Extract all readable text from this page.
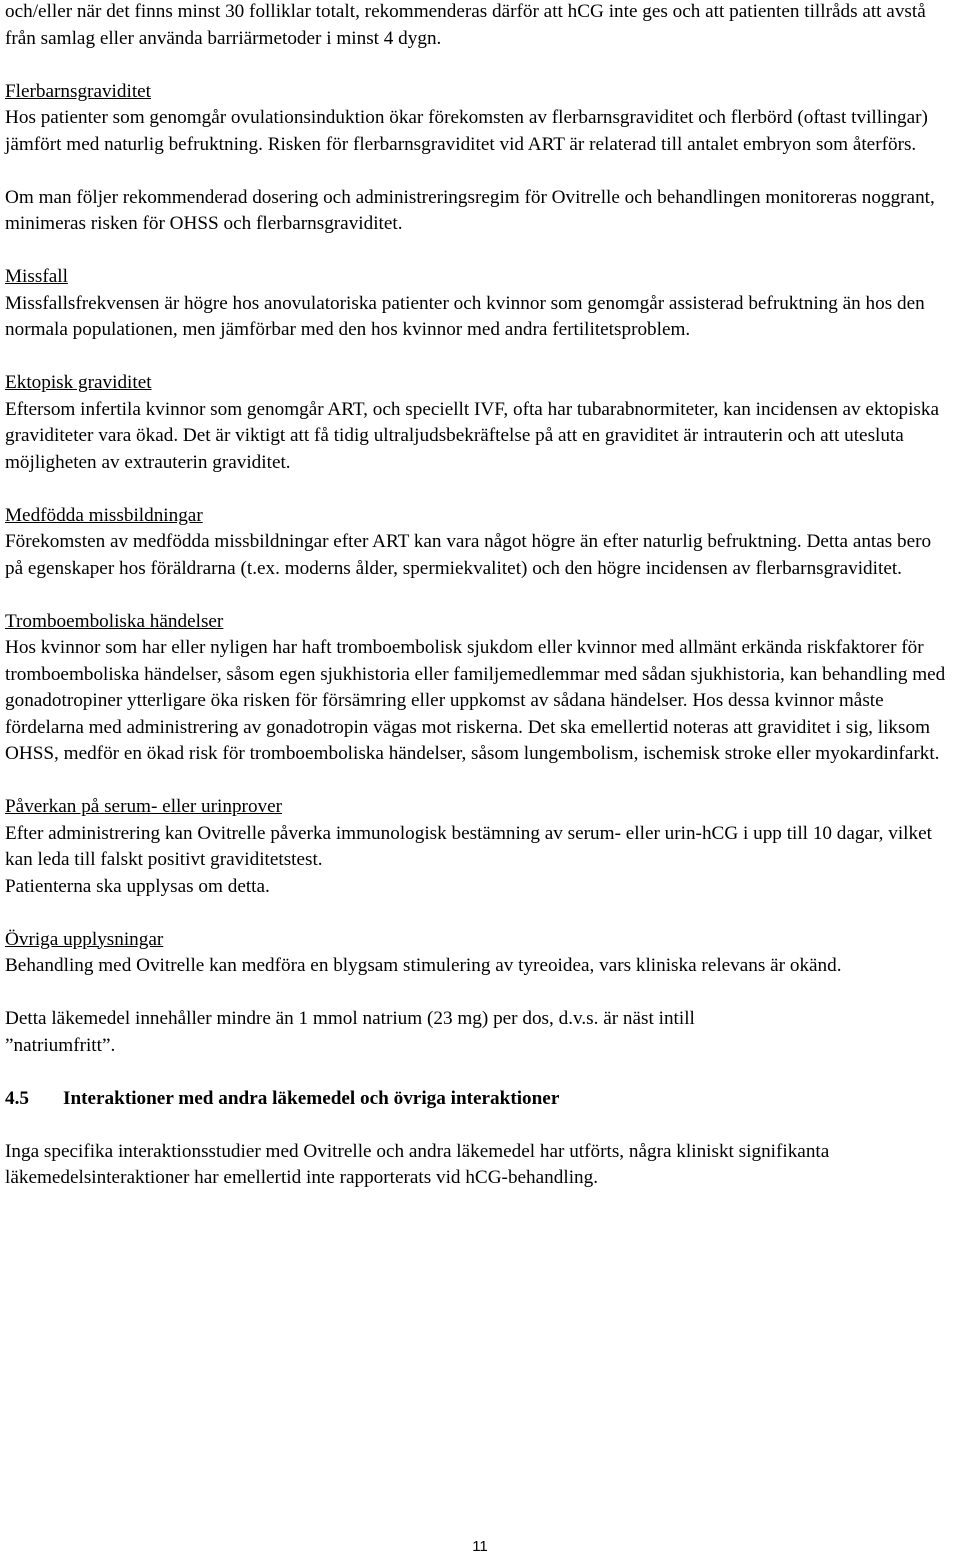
och/eller när det finns minst 30 folliklar totalt, rekommenderas därför att hCG inte ges och att patienten tillråds att avstå från samlag eller använda barriärmetoder i minst 4 dygn.

Flerbarnsgraviditet

Hos patienter som genomgår ovulationsinduktion ökar förekomsten av flerbarnsgraviditet och flerbörd (oftast tvillingar) jämfört med naturlig befruktning. Risken för flerbarnsgraviditet vid ART är relaterad till antalet embryon som återförs.

Om man följer rekommenderad dosering och administreringsregim för Ovitrelle och behandlingen monitoreras noggrant, minimeras risken för OHSS och flerbarnsgraviditet.

Missfall

Missfallsfrekvensen är högre hos anovulatoriska patienter och kvinnor som genomgår assisterad befruktning än hos den normala populationen, men jämförbar med den hos kvinnor med andra fertilitetsproblem.

Ektopisk graviditet

Eftersom infertila kvinnor som genomgår ART, och speciellt IVF, ofta har tubarabnormiteter, kan incidensen av ektopiska graviditeter vara ökad. Det är viktigt att få tidig ultraljudsbekräftelse på att en graviditet är intrauterin och att utesluta möjligheten av extrauterin graviditet.

Medfödda missbildningar

Förekomsten av medfödda missbildningar efter ART kan vara något högre än efter naturlig befruktning. Detta antas bero på egenskaper hos föräldrarna (t.ex. moderns ålder, spermiekvalitet) och den högre incidensen av flerbarnsgraviditet.

Tromboemboliska händelser

Hos kvinnor som har eller nyligen har haft tromboembolisk sjukdom eller kvinnor med allmänt erkända riskfaktorer för tromboemboliska händelser, såsom egen sjukhistoria eller familjemedlemmar med sådan sjukhistoria, kan behandling med gonadotropiner ytterligare öka risken för försämring eller uppkomst av sådana händelser. Hos dessa kvinnor måste fördelarna med administrering av gonadotropin vägas mot riskerna. Det ska emellertid noteras att graviditet i sig, liksom OHSS, medför en ökad risk för tromboemboliska händelser, såsom lungembolism, ischemisk stroke eller myokardinfarkt.

Påverkan på serum- eller urinprover

Efter administrering kan Ovitrelle påverka immunologisk bestämning av serum- eller urin-hCG i upp till 10 dagar, vilket kan leda till falskt positivt graviditetstest.

Patienterna ska upplysas om detta.

Övriga upplysningar

Behandling med Ovitrelle kan medföra en blygsam stimulering av tyreoidea, vars kliniska relevans är okänd.

Detta läkemedel innehåller mindre än 1 mmol natrium (23 mg) per dos, d.v.s. är näst intill

”natriumfritt”.

4.5	Interaktioner med andra läkemedel och övriga interaktioner

Inga specifika interaktionsstudier med Ovitrelle och andra läkemedel har utförts, några kliniskt signifikanta läkemedelsinteraktioner har emellertid inte rapporterats vid hCG-behandling.

11
